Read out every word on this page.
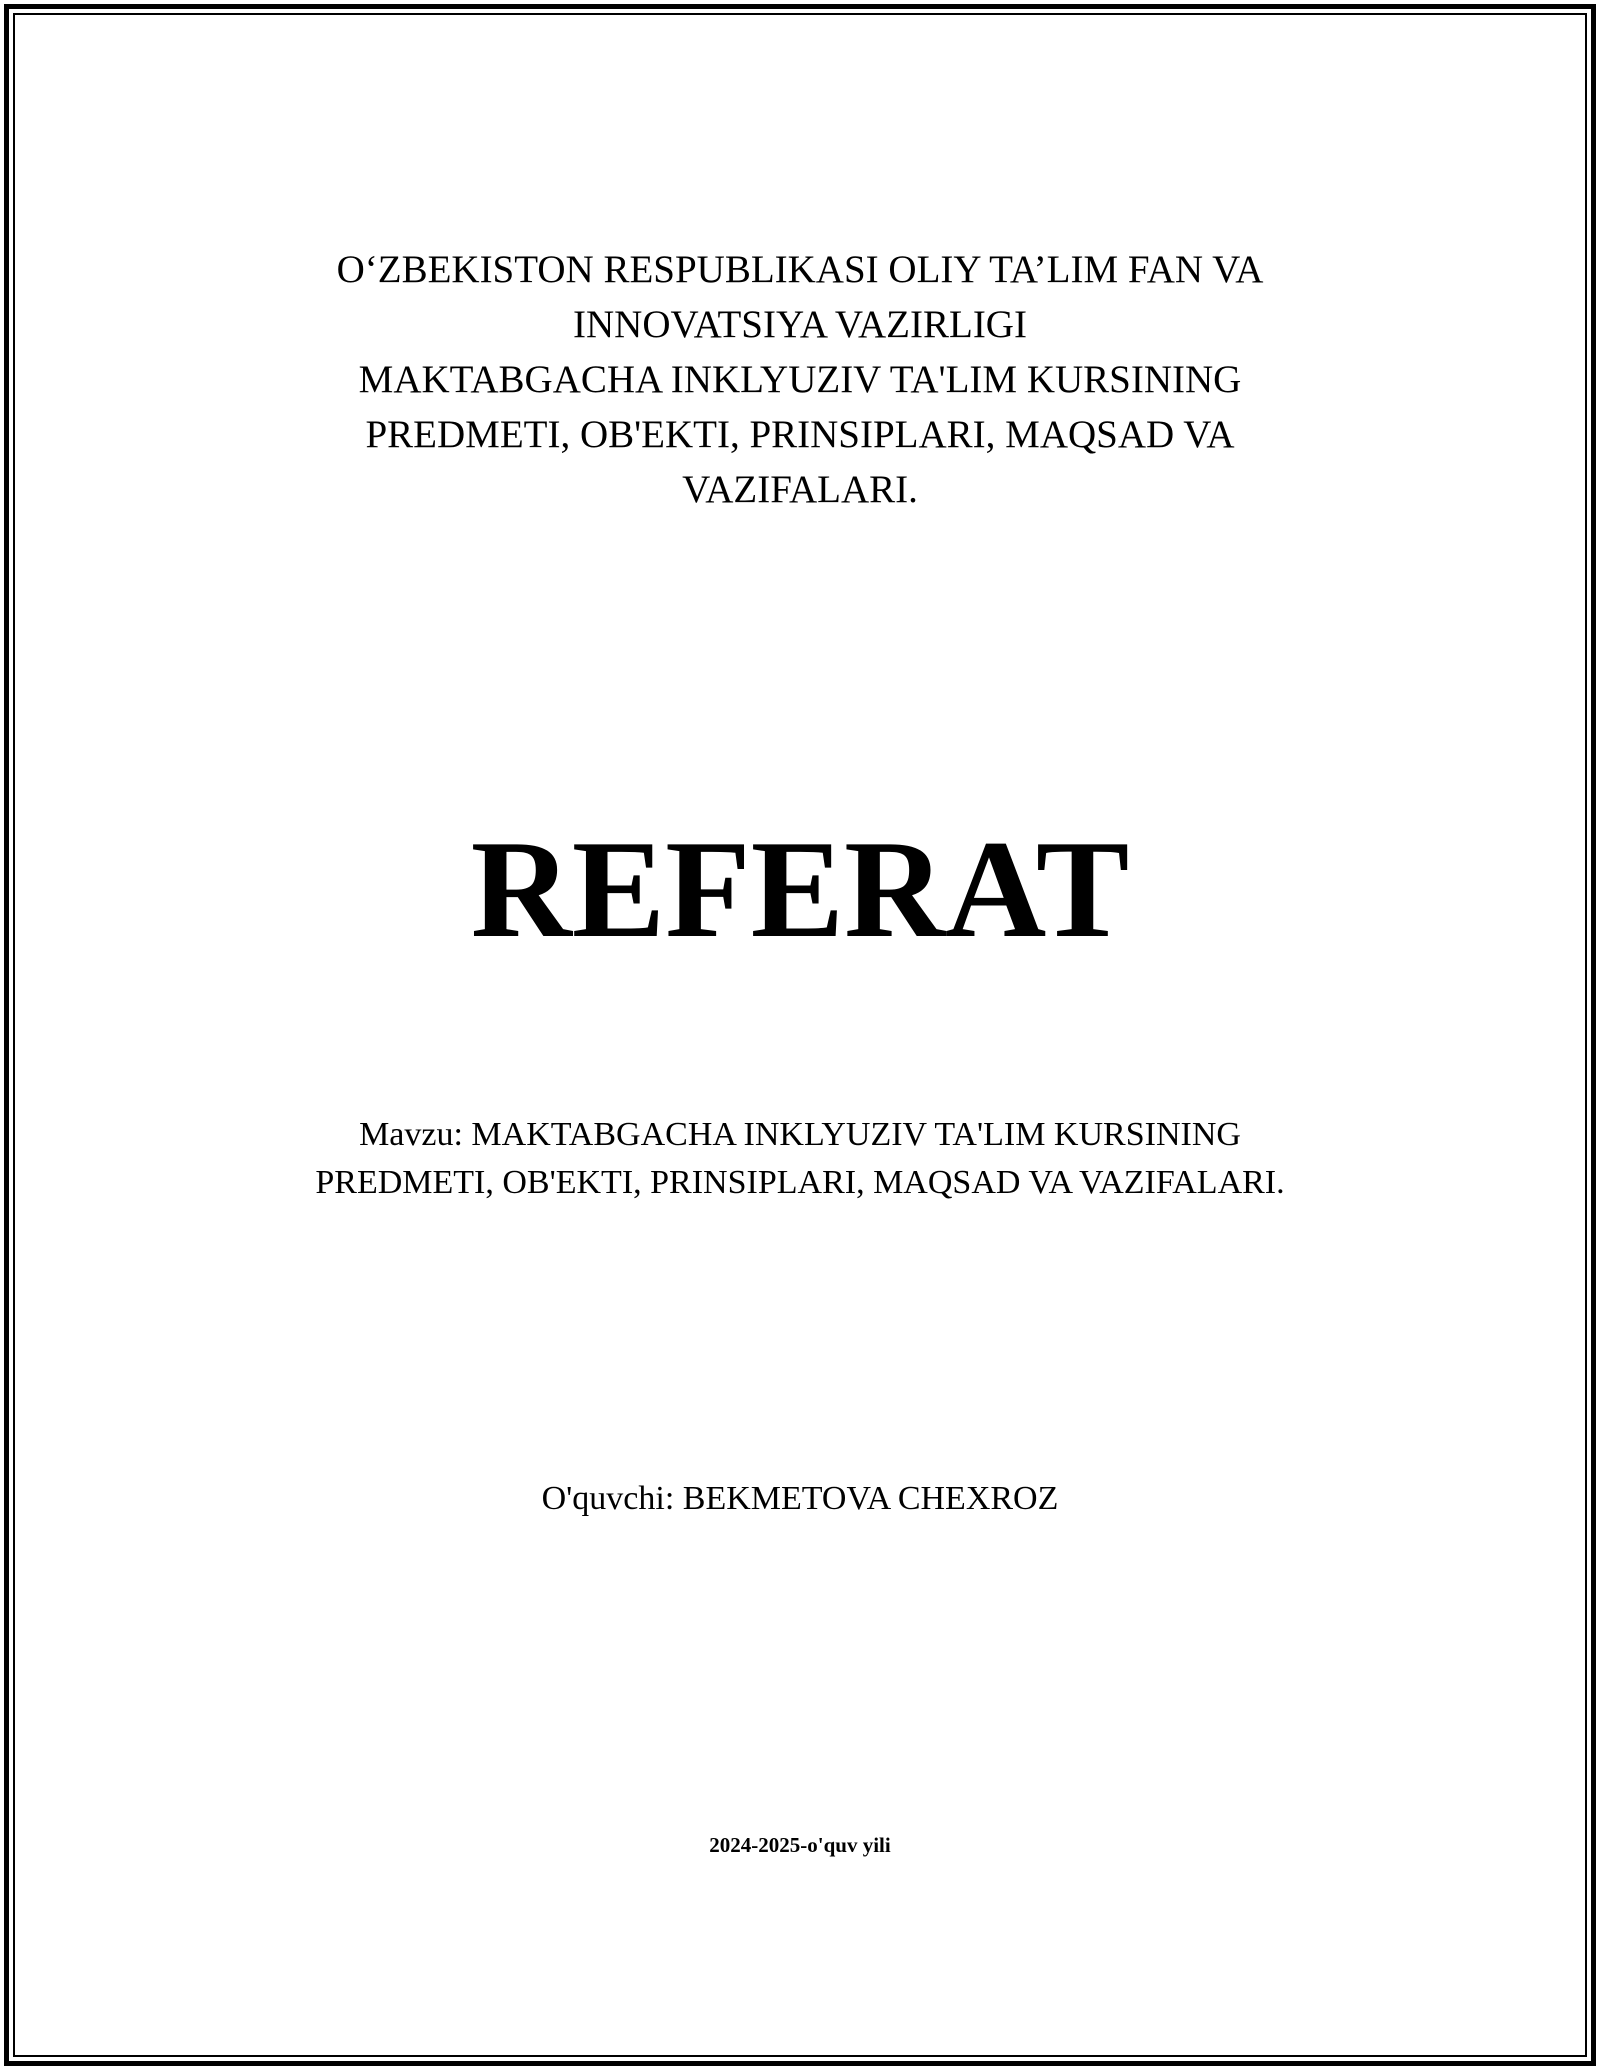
O‘ZBEKISTON RESPUBLIKASI OLIY TA’LIM FAN VA
INNOVATSIYA VAZIRLIGI
MAKTABGACHA INKLYUZIV TA'LIM KURSINING
PREDMETI, OB'EKTI, PRINSIPLARI, MAQSAD VA
VAZIFALARI.
REFERAT
Mavzu: MAKTABGACHA INKLYUZIV TA'LIM KURSINING
PREDMETI, OB'EKTI, PRINSIPLARI, MAQSAD VA VAZIFALARI.
O'quvchi: BEKMETOVA CHEXROZ
2024-2025-o'quv yili
